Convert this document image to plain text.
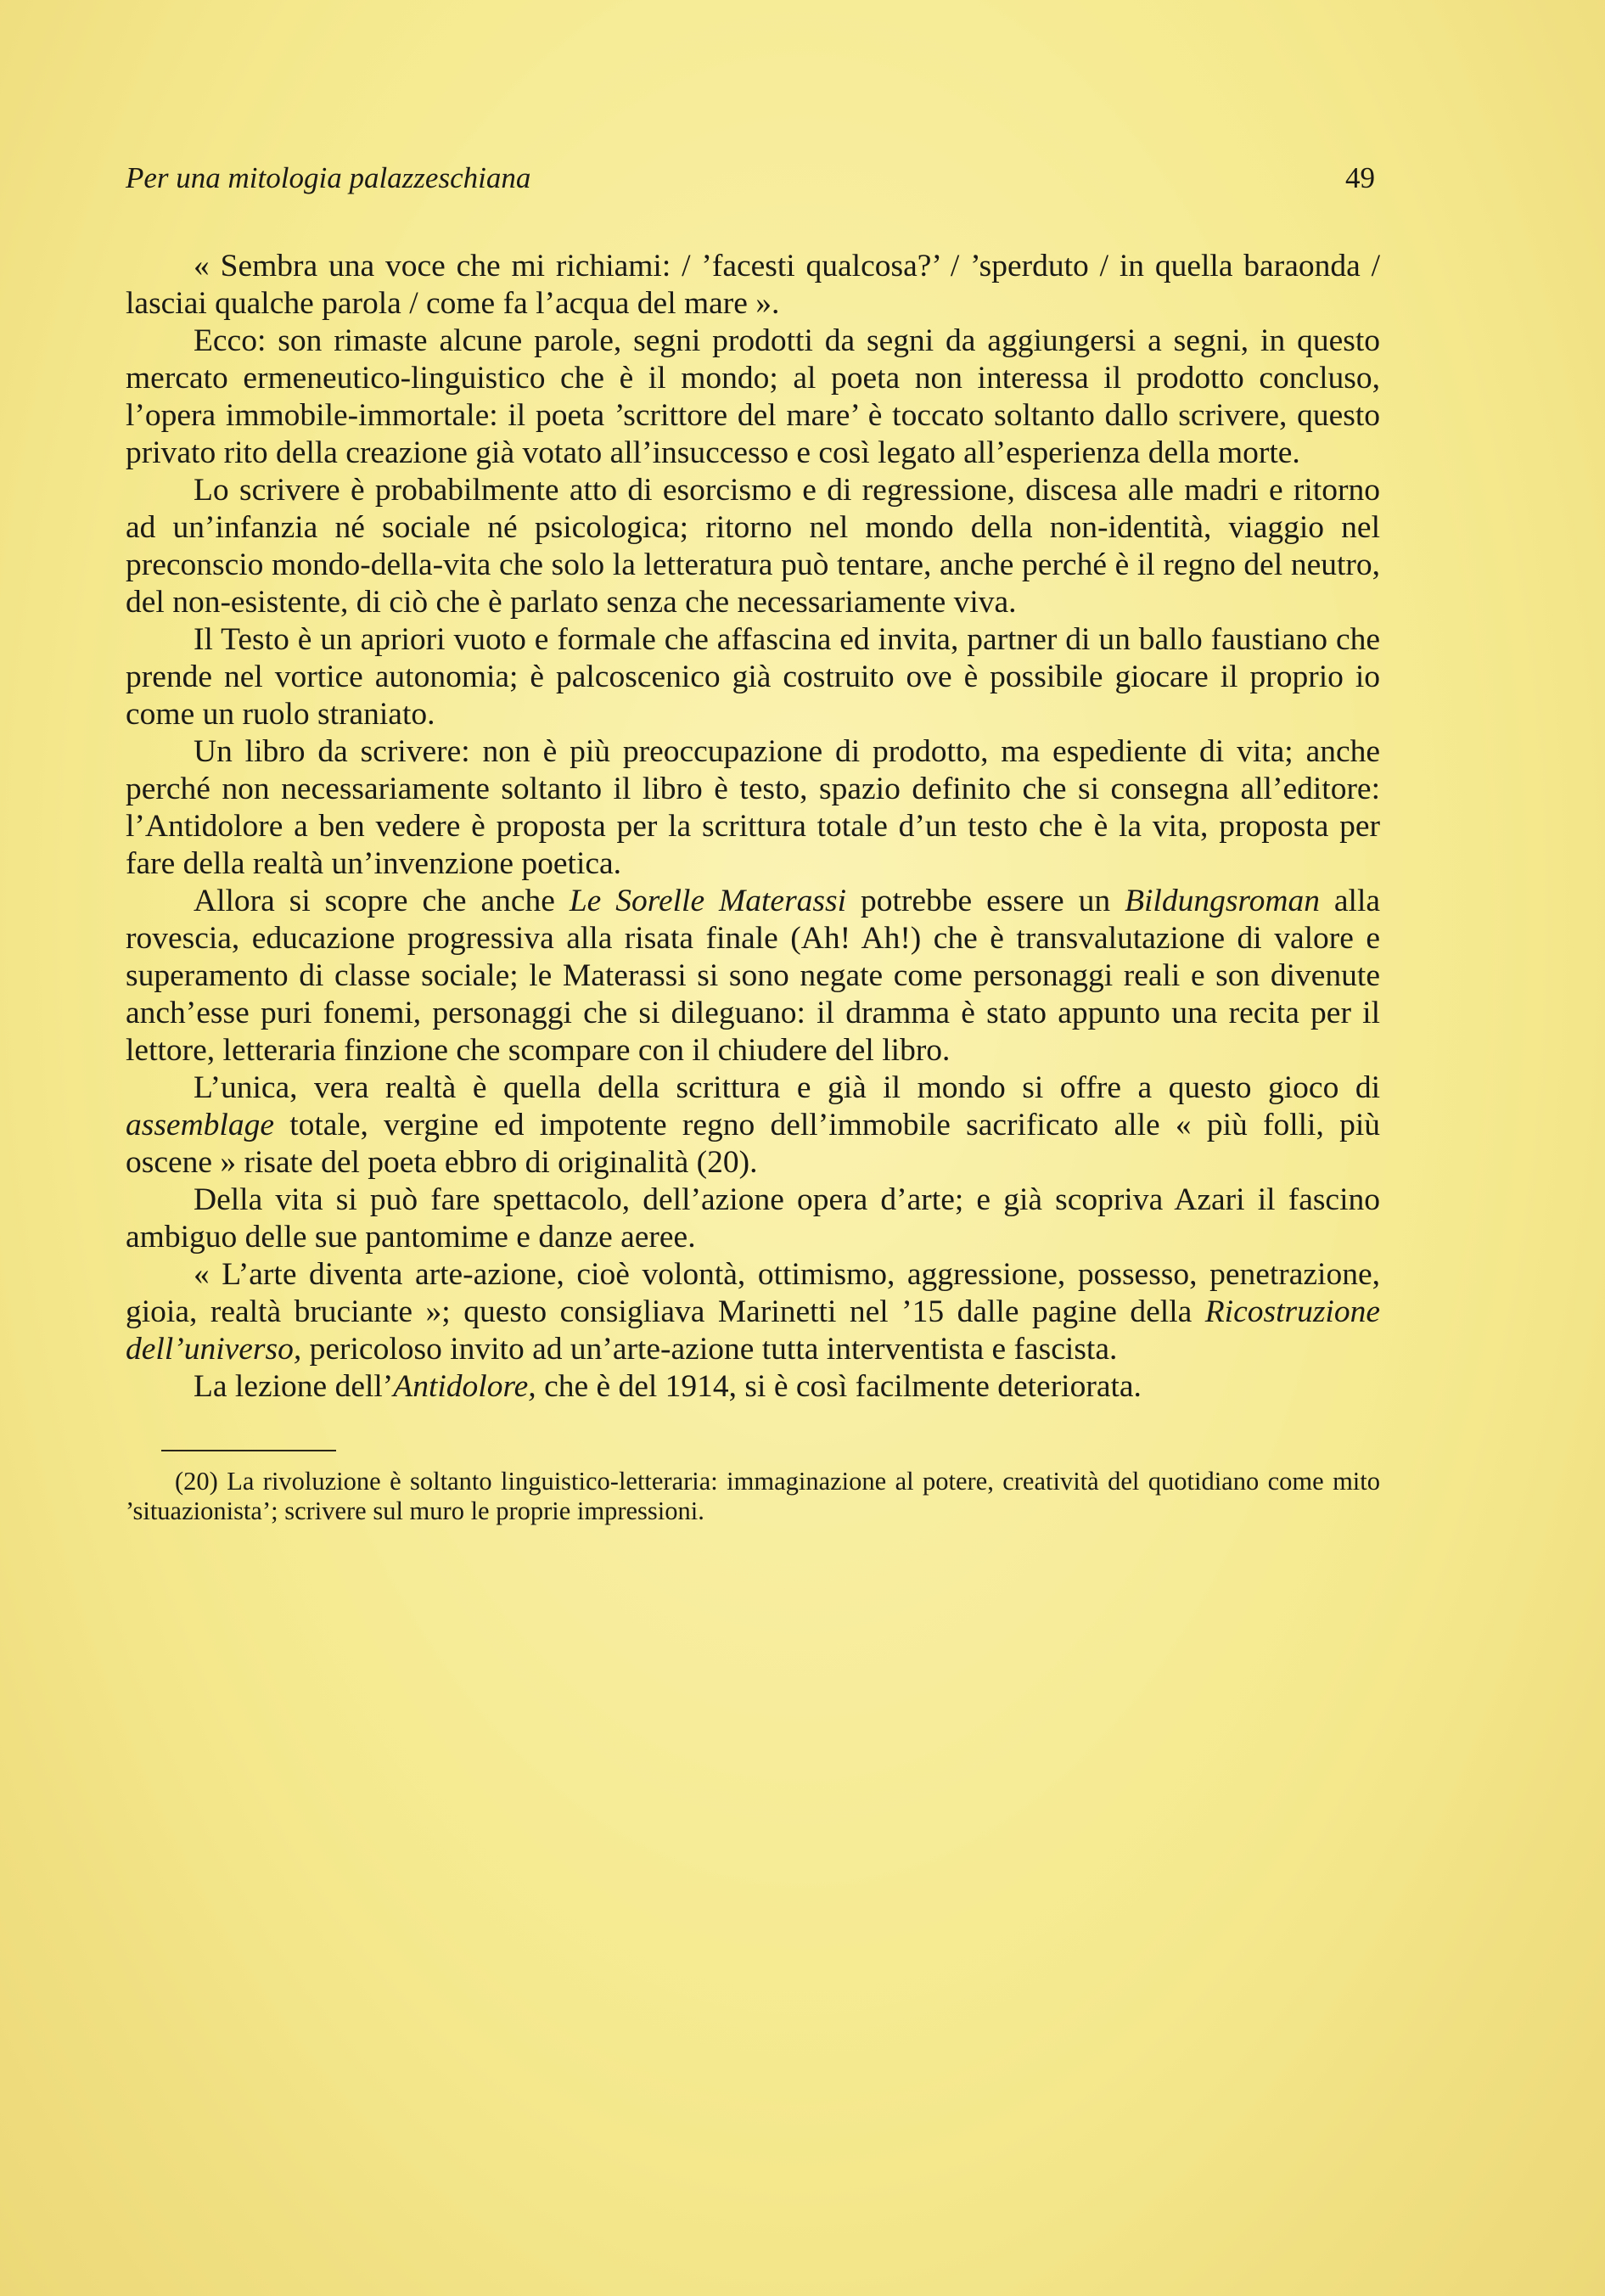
Per una mitologia palazzeschiana	49

« Sembra una voce che mi richiami: / ’facesti qualcosa?’ / ’sperduto / in quella baraonda / lasciai qualche parola / come fa l’acqua del mare ».

Ecco: son rimaste alcune parole, segni prodotti da segni da aggiungersi a segni, in questo mercato ermeneutico-linguistico che è il mondo; al poeta non interessa il prodotto concluso, l’opera immobile-immortale: il poeta ’scrittore del mare’ è toccato soltanto dallo scrivere, questo privato rito della creazione già votato all’insuccesso e così legato all’esperienza della morte.

Lo scrivere è probabilmente atto di esorcismo e di regressione, discesa alle madri e ritorno ad un’infanzia né sociale né psicologica; ritorno nel mondo della non-identità, viaggio nel preconscio mondo-della-vita che solo la letteratura può tentare, anche perché è il regno del neutro, del non-esistente, di ciò che è parlato senza che necessariamente viva.

Il Testo è un apriori vuoto e formale che affascina ed invita, partner di un ballo faustiano che prende nel vortice autonomia; è palcoscenico già costruito ove è possibile giocare il proprio io come un ruolo straniato.

Un libro da scrivere: non è più preoccupazione di prodotto, ma espediente di vita; anche perché non necessariamente soltanto il libro è testo, spazio definito che si consegna all’editore: l’Antidolore a ben vedere è proposta per la scrittura totale d’un testo che è la vita, proposta per fare della realtà un’invenzione poetica.

Allora si scopre che anche Le Sorelle Materassi potrebbe essere un Bildungsroman alla rovescia, educazione progressiva alla risata finale (Ah! Ah!) che è transvalutazione di valore e superamento di classe sociale; le Materassi si sono negate come personaggi reali e son divenute anch’esse puri fonemi, personaggi che si dileguano: il dramma è stato appunto una recita per il lettore, letteraria finzione che scompare con il chiudere del libro.

L’unica, vera realtà è quella della scrittura e già il mondo si offre a questo gioco di assemblage totale, vergine ed impotente regno dell’immobile sacrificato alle « più folli, più oscene » risate del poeta ebbro di originalità (20).

Della vita si può fare spettacolo, dell’azione opera d’arte; e già scopriva Azari il fascino ambiguo delle sue pantomime e danze aeree.

« L’arte diventa arte-azione, cioè volontà, ottimismo, aggressione, possesso, penetrazione, gioia, realtà bruciante »; questo consigliava Marinetti nel ’15 dalle pagine della Ricostruzione dell’universo, pericoloso invito ad un’arte-azione tutta interventista e fascista.

La lezione dell’Antidolore, che è del 1914, si è così facilmente deteriorata.

(20) La rivoluzione è soltanto linguistico-letteraria: immaginazione al potere, creatività del quotidiano come mito ’situazionista’; scrivere sul muro le proprie impressioni.
